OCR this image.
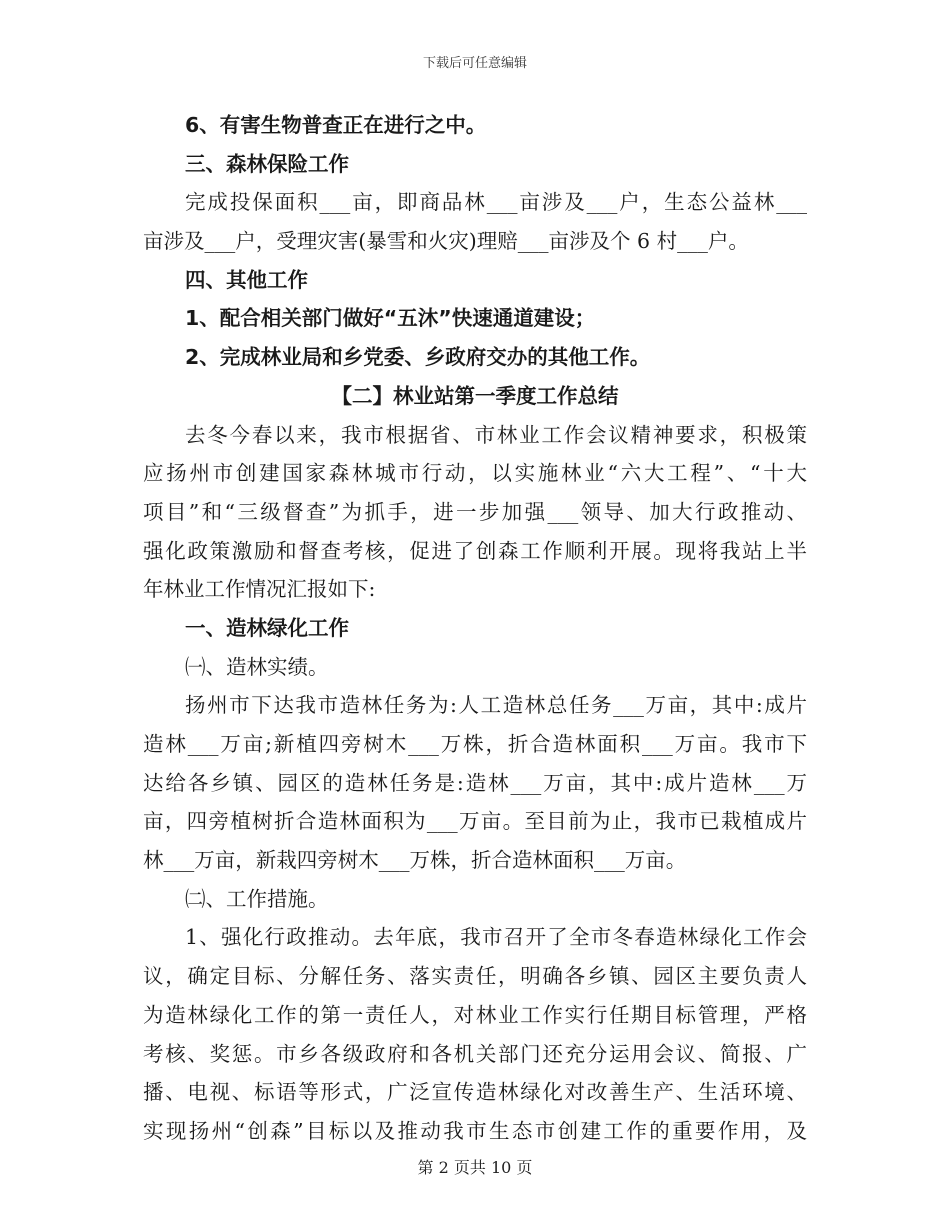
下载后可任意编辑
6、有害生物普查正在进行之中。
三、森林保险工作
完成投保面积___亩，即商品林___亩涉及___户，生态公益林___
亩涉及___户，受理灾害(暴雪和火灾)理赔___亩涉及个 6 村___户。
四、其他工作
1、配合相关部门做好“五沐”快速通道建设；
2、完成林业局和乡党委、乡政府交办的其他工作。
【二】林业站第一季度工作总结
去冬今春以来，我市根据省、市林业工作会议精神要求，积极策
应扬州市创建国家森林城市行动，以实施林业“六大工程”、“十大
项目”和“三级督查”为抓手，进一步加强___领导、加大行政推动、
强化政策激励和督查考核，促进了创森工作顺利开展。现将我站上半
年林业工作情况汇报如下:
一、造林绿化工作
㈠、造林实绩。
扬州市下达我市造林任务为:人工造林总任务___万亩，其中:成片
造林___万亩;新植四旁树木___万株，折合造林面积___万亩。我市下
达给各乡镇、园区的造林任务是:造林___万亩，其中:成片造林___万
亩，四旁植树折合造林面积为___万亩。至目前为止，我市已栽植成片
林___万亩，新栽四旁树木___万株，折合造林面积___万亩。
㈡、工作措施。
1、强化行政推动。去年底，我市召开了全市冬春造林绿化工作会
议，确定目标、分解任务、落实责任，明确各乡镇、园区主要负责人
为造林绿化工作的第一责任人，对林业工作实行任期目标管理，严格
考核、奖惩。市乡各级政府和各机关部门还充分运用会议、简报、广
播、电视、标语等形式，广泛宣传造林绿化对改善生产、生活环境、
实现扬州“创森”目标以及推动我市生态市创建工作的重要作用，及
第 2 页共 10 页
